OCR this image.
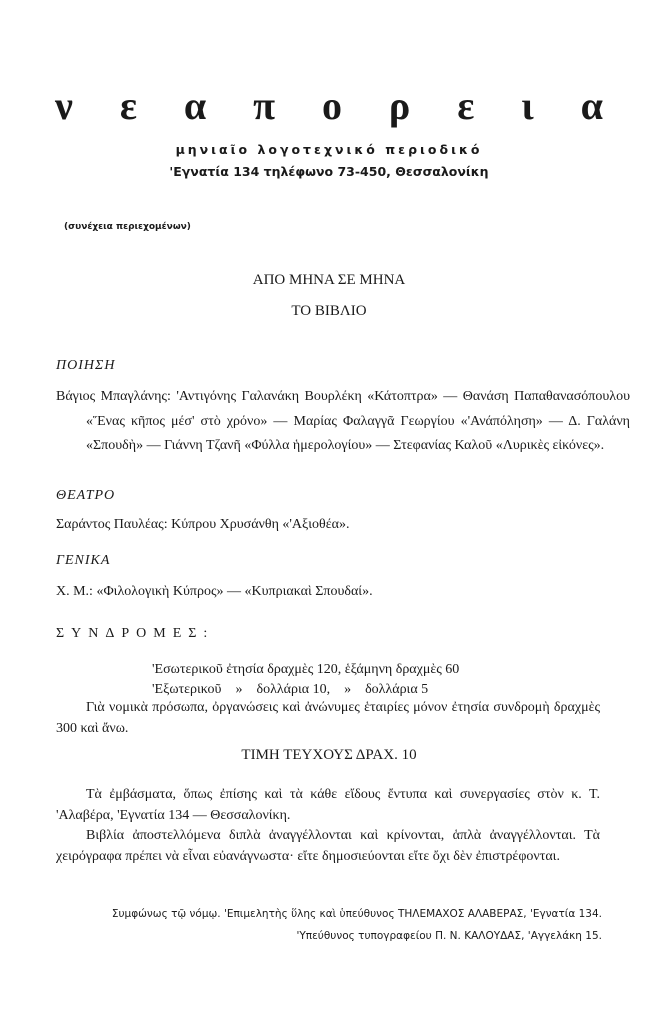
ν ε α π ο ρ ε ι α
μηνιαῖο λογοτεχνικό περιοδικό
'Εγνατία 134 τηλέφωνο 73-450, Θεσσαλονίκη
(συνέχεια περιεχομένων)
ΑΠΟ ΜΗΝΑ ΣΕ ΜΗΝΑ
ΤΟ ΒΙΒΛΙΟ
ΠΟΙΗΣΗ
Βάγιος Μπαγλάνης: 'Αντιγόνης Γαλανάκη Βουρλέκη «Κάτοπτρα» — Θανάση Παπαθανασόπουλου «Ἕνας κῆπος μέσ' στὸ χρόνο» — Μαρίας Φαλαγγᾶ Γεωργίου «'Ανάπόληση» — Δ. Γαλάνη «Σπουδὴ» — Γιάννη Τζανῆ «Φύλλα ἡμερολογίου» — Στεφανίας Καλοῦ «Λυρικὲς εἰκόνες».
ΘΕΑΤΡΟ
Σαράντος Παυλέας: Κύπρου Χρυσάνθη «'Αξιοθέα».
ΓΕΝΙΚΑ
Χ. Μ.: «Φιλολογικὴ Κύπρος» — «Κυπριακαὶ Σπουδαί».
ΣΥΝΔΡΟΜΕΣ:
'Εσωτερικοῦ ἐτησία δραχμὲς 120, ἑξάμηνη δραχμὲς 60
'Εξωτερικοῦ    »    δολλάρια 10,    »    δολλάρια 5
Γιὰ νομικὰ πρόσωπα, ὀργανώσεις καὶ ἀνώνυμες ἑταιρίες μόνον ἐτησία συνδρομὴ δραχμὲς 300 καὶ ἄνω.
ΤΙΜΗ ΤΕΥΧΟΥΣ ΔΡΑΧ. 10
Τὰ ἐμβάσματα, ὅπως ἐπίσης καὶ τὰ κάθε εἴδους ἔντυπα καὶ συνεργασίες στὸν κ. Τ. 'Αλαβέρα, 'Εγνατία 134 — Θεσσαλονίκη.
Βιβλία ἀποστελλόμενα διπλὰ ἀναγγέλλονται καὶ κρίνονται, ἁπλὰ ἀναγγέλλονται. Τὰ χειρόγραφα πρέπει νὰ εἶναι εὐανάγνωστα· εἴτε δημοσιεύονται εἴτε ὄχι δὲν ἐπιστρέφονται.
Συμφώνως τῷ νόμῳ. 'Επιμελητὴς ὕλης καὶ ὑπεύθυνος ΤΗΛΕΜΑΧΟΣ ΑΛΑΒΕΡΑΣ, 'Εγνατία 134.
'Υπεύθυνος τυπογραφείου Π. Ν. ΚΑΛΟΥΔΑΣ, 'Αγγελάκη 15.
